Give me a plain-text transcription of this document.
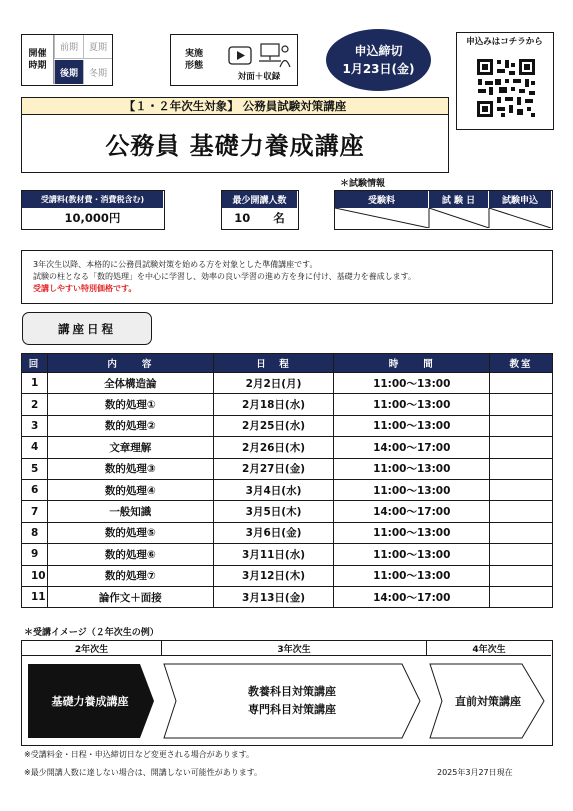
開催
時期
前期	夏期
後期	冬期
実施
形態
対面＋収録
申込締切
1月23日(金)
申込みはコチラから
【１・２年次生対象】 公務員試験対策講座
公務員 基礎力養成講座
受講料(教材費・消費税含む)
10,000円
最少開講人数
10　　名
＊試験情報
受験料	試 験 日	試験申込
3年次生以降、本格的に公務員試験対策を始める方を対象とした準備講座です。
試験の柱となる「数的処理」を中心に学習し、効率の良い学習の進め方を身に付け、基礎力を養成します。
受講しやすい特別価格です。
講座日程
回	内　　容	日　程	時　　間	教室
1	全体構造論	2月2日(月)	11:00～13:00	
2	数的処理①	2月18日(水)	11:00～13:00	
3	数的処理②	2月25日(水)	11:00～13:00	
4	文章理解	2月26日(木)	14:00～17:00	
5	数的処理③	2月27日(金)	11:00～13:00	
6	数的処理④	3月4日(水)	11:00～13:00	
7	一般知識	3月5日(木)	14:00～17:00	
8	数的処理⑤	3月6日(金)	11:00～13:00	
9	数的処理⑥	3月11日(水)	11:00～13:00	
10	数的処理⑦	3月12日(木)	11:00～13:00	
11	論作文＋面接	3月13日(金)	14:00～17:00	
＊受講イメージ（２年次生の例）
2年次生	3年次生	4年次生
基礎力養成講座
教養科目対策講座
専門科目対策講座
直前対策講座
※受講料金・日程・申込締切日など変更される場合があります。
※最少開講人数に達しない場合は、開講しない可能性があります。	2025年3月27日現在
